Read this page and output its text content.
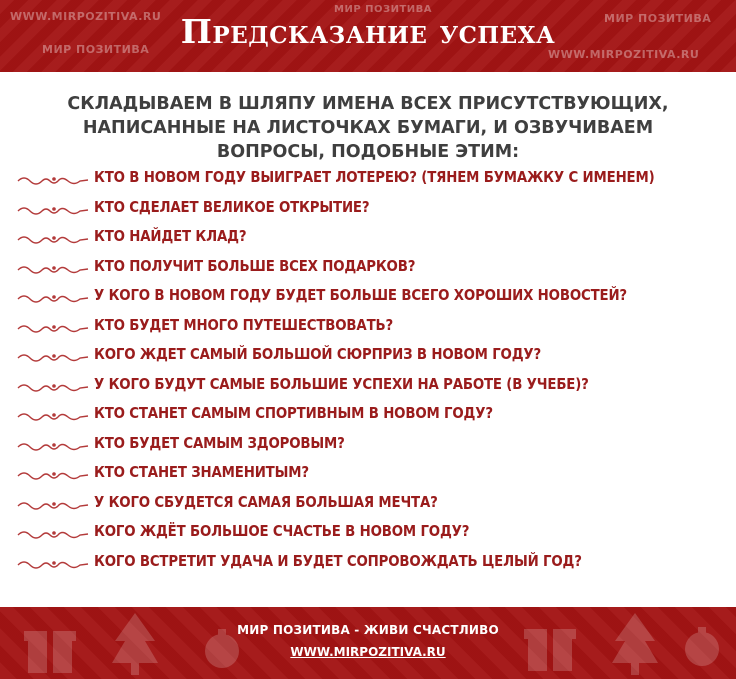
WWW.MIRPOZITIVA.RU
МИР ПОЗИТИВА
МИР ПОЗИТИВА
WWW.MIRPOZITIVA.RU
МИР ПОЗИТИВА
Предсказание успеха
СКЛАДЫВАЕМ В ШЛЯПУ ИМЕНА ВСЕХ ПРИСУТСТВУЮЩИХ, НАПИСАННЫЕ НА ЛИСТОЧКАХ БУМАГИ, И ОЗВУЧИВАЕМ ВОПРОСЫ, ПОДОБНЫЕ ЭТИМ:
КТО В НОВОМ ГОДУ ВЫИГРАЕТ ЛОТЕРЕЮ? (ТЯНЕМ БУМАЖКУ С ИМЕНЕМ)
КТО СДЕЛАЕТ ВЕЛИКОЕ ОТКРЫТИЕ?
КТО НАЙДЕТ КЛАД?
КТО ПОЛУЧИТ БОЛЬШЕ ВСЕХ ПОДАРКОВ?
У КОГО В НОВОМ ГОДУ БУДЕТ БОЛЬШЕ ВСЕГО ХОРОШИХ НОВОСТЕЙ?
КТО БУДЕТ МНОГО ПУТЕШЕСТВОВАТЬ?
КОГО ЖДЕТ САМЫЙ БОЛЬШОЙ СЮРПРИЗ В НОВОМ ГОДУ?
У КОГО БУДУТ САМЫЕ БОЛЬШИЕ УСПЕХИ НА РАБОТЕ (В УЧЕБЕ)?
КТО СТАНЕТ САМЫМ СПОРТИВНЫМ В НОВОМ ГОДУ?
КТО БУДЕТ САМЫМ ЗДОРОВЫМ?
КТО СТАНЕТ ЗНАМЕНИТЫМ?
У КОГО СБУДЕТСЯ САМАЯ БОЛЬШАЯ МЕЧТА?
КОГО ЖДЁТ БОЛЬШОЕ СЧАСТЬЕ В НОВОМ ГОДУ?
КОГО ВСТРЕТИТ УДАЧА И БУДЕТ СОПРОВОЖДАТЬ ЦЕЛЫЙ ГОД?
МИР ПОЗИТИВА - ЖИВИ СЧАСТЛИВО
WWW.MIRPOZITIVA.RU
